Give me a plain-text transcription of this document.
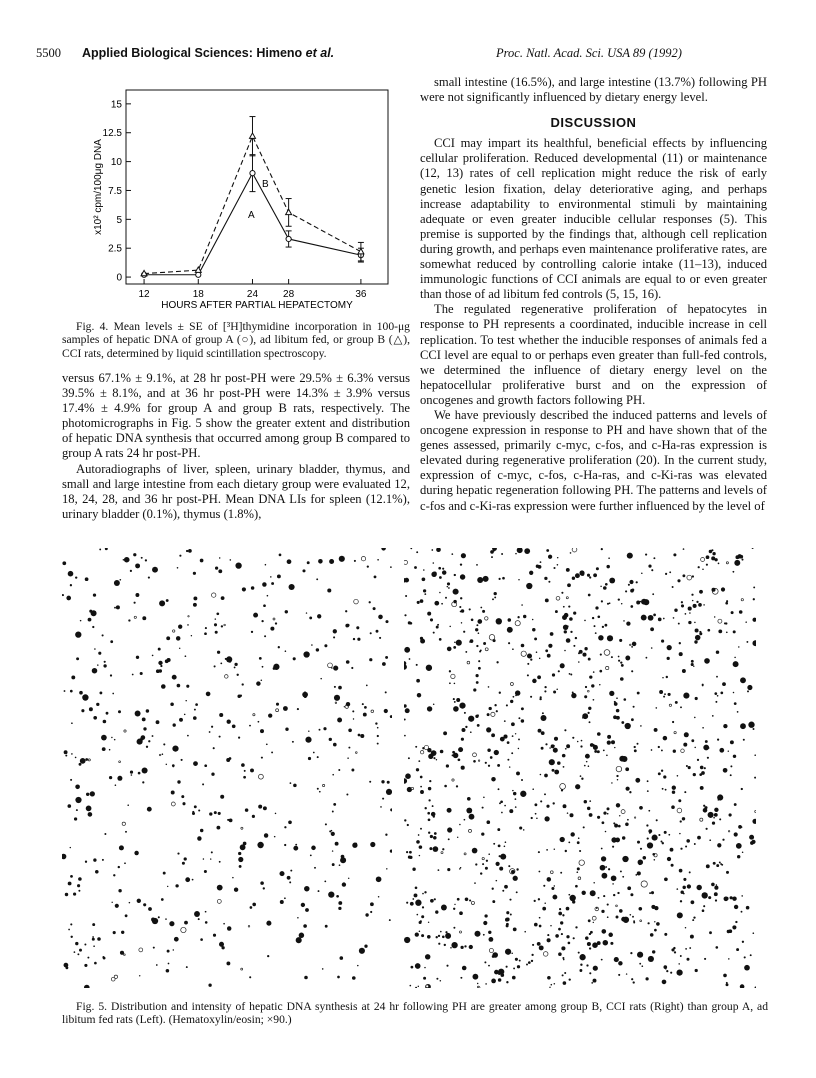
5500 Applied Biological Sciences: Himeno et al.	Proc. Natl. Acad. Sci. USA 89 (1992)
0
2.5
5
7.5
10
12.5
15
12	18	24	28	36
x10² cpm/100μg DNA
HOURS AFTER PARTIAL HEPATECTOMY
A
B
Fig. 4. Mean levels ± SE of [³H]thymidine incorporation in 100-μg samples of hepatic DNA of group A (○), ad libitum fed, or group B (△), CCI rats, determined by liquid scintillation spectroscopy.

versus 67.1% ± 9.1%, at 28 hr post-PH were 29.5% ± 6.3% versus 39.5% ± 8.1%, and at 36 hr post-PH were 14.3% ± 3.9% versus 17.4% ± 4.9% for group A and group B rats, respectively. The photomicrographs in Fig. 5 show the greater extent and distribution of hepatic DNA synthesis that occurred among group B compared to group A rats 24 hr post-PH.

Autoradiographs of liver, spleen, urinary bladder, thymus, and small and large intestine from each dietary group were evaluated 12, 18, 24, 28, and 36 hr post-PH. Mean DNA LIs for spleen (12.1%), urinary bladder (0.1%), thymus (1.8%),

small intestine (16.5%), and large intestine (13.7%) following PH were not significantly influenced by dietary energy level.

DISCUSSION

CCI may impart its healthful, beneficial effects by influencing cellular proliferation. Reduced developmental (11) or maintenance (12, 13) rates of cell replication might reduce the risk of early genetic lesion fixation, delay deteriorative aging, and perhaps increase adaptability to environmental stimuli by maintaining adequate or even greater inducible cellular responses (5). This premise is supported by the findings that, although cell replication during growth, and perhaps even maintenance proliferative rates, are somewhat reduced by controlling calorie intake (11–13), induced immunologic functions of CCI animals are equal to or even greater than those of ad libitum fed controls (5, 15, 16).

The regulated regenerative proliferation of hepatocytes in response to PH represents a coordinated, inducible increase in cell replication. To test whether the inducible responses of animals fed a CCI level are equal to or perhaps even greater than full-fed controls, we determined the influence of dietary energy level on the hepatocellular proliferative burst and on the expression of oncogenes and growth factors following PH.

We have previously described the induced patterns and levels of oncogene expression in response to PH and have shown that of the genes assessed, primarily c-myc, c-fos, and c-Ha-ras expression is elevated during regenerative proliferation (20). In the current study, expression of c-myc, c-fos, c-Ha-ras, and c-Ki-ras was elevated during hepatic regeneration following PH. The patterns and levels of c-fos and c-Ki-ras expression were further influenced by the level of

Fig. 5. Distribution and intensity of hepatic DNA synthesis at 24 hr following PH are greater among group B, CCI rats (Right) than group A, ad libitum fed rats (Left). (Hematoxylin/eosin; ×90.)
